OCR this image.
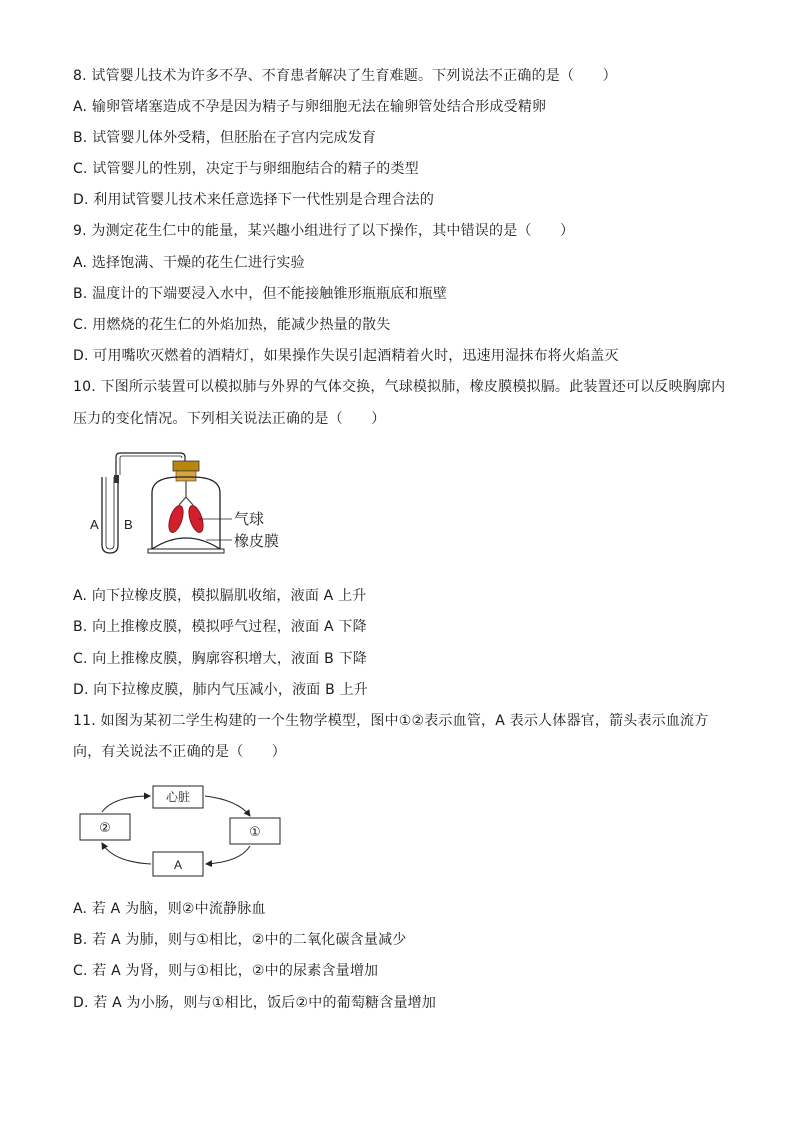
8. 试管婴儿技术为许多不孕、不育患者解决了生育难题。下列说法不正确的是（　　）
A. 输卵管堵塞造成不孕是因为精子与卵细胞无法在输卵管处结合形成受精卵
B. 试管婴儿体外受精，但胚胎在子宫内完成发育
C. 试管婴儿的性别，决定于与卵细胞结合的精子的类型
D. 利用试管婴儿技术来任意选择下一代性别是合理合法的
9. 为测定花生仁中的能量，某兴趣小组进行了以下操作，其中错误的是（　　）
A. 选择饱满、干燥的花生仁进行实验
B. 温度计的下端要浸入水中，但不能接触锥形瓶瓶底和瓶壁
C. 用燃烧的花生仁的外焰加热，能减少热量的散失
D. 可用嘴吹灭燃着的酒精灯，如果操作失误引起酒精着火时，迅速用湿抹布将火焰盖灭
10. 下图所示装置可以模拟肺与外界的气体交换，气球模拟肺，橡皮膜模拟膈。此装置还可以反映胸廓内
压力的变化情况。下列相关说法正确的是（　　）
A B	气球
橡皮膜
A. 向下拉橡皮膜，模拟膈肌收缩，液面 A 上升
B. 向上推橡皮膜，模拟呼气过程，液面 A 下降
C. 向上推橡皮膜，胸廓容积增大，液面 B 下降
D. 向下拉橡皮膜，肺内气压减小，液面 B 上升
11. 如图为某初二学生构建的一个生物学模型，图中①②表示血管，A 表示人体器官，箭头表示血流方
向，有关说法不正确的是（　　）
心脏
①
②
A
A. 若 A 为脑，则②中流静脉血
B. 若 A 为肺，则与①相比，②中的二氧化碳含量减少
C. 若 A 为肾，则与①相比，②中的尿素含量增加
D. 若 A 为小肠，则与①相比，饭后②中的葡萄糖含量增加
